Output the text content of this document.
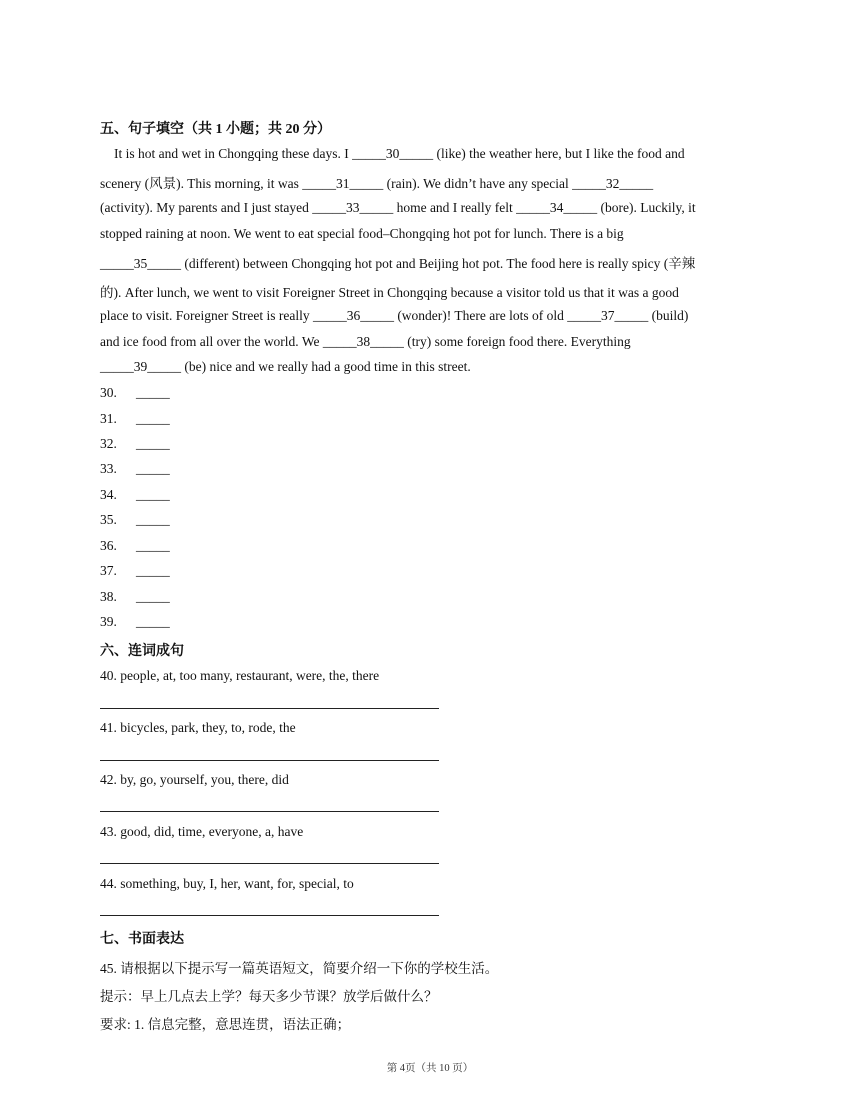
五、句子填空（共 1 小题；共 20 分）
It is hot and wet in Chongqing these days. I _____30_____ (like) the weather here, but I like the food and
scenery (风景). This morning, it was _____31_____ (rain). We didn’t have any special _____32_____
(activity). My parents and I just stayed _____33_____ home and I really felt _____34_____ (bore). Luckily, it
stopped raining at noon. We went to eat special food–Chongqing hot pot for lunch. There is a big
_____35_____ (different) between Chongqing hot pot and Beijing hot pot. The food here is really spicy (辛辣
的). After lunch, we went to visit Foreigner Street in Chongqing because a visitor told us that it was a good
place to visit. Foreigner Street is really _____36_____ (wonder)! There are lots of old _____37_____ (build)
and ice food from all over the world. We _____38_____ (try) some foreign food there. Everything
_____39_____ (be) nice and we really had a good time in this street.
30. _____
31. _____
32. _____
33. _____
34. _____
35. _____
36. _____
37. _____
38. _____
39. _____
六、连词成句
40. people, at, too many, restaurant, were, the, there
41. bicycles, park, they, to, rode, the
42. by, go, yourself, you, there, did
43. good, did, time, everyone, a, have
44. something, buy, I, her, want, for, special, to
七、书面表达
45. 请根据以下提示写一篇英语短文，简要介绍一下你的学校生活。
提示：早上几点去上学？每天多少节课？放学后做什么？
要求: 1. 信息完整，意思连贯，语法正确；
第 4页（共 10 页）
